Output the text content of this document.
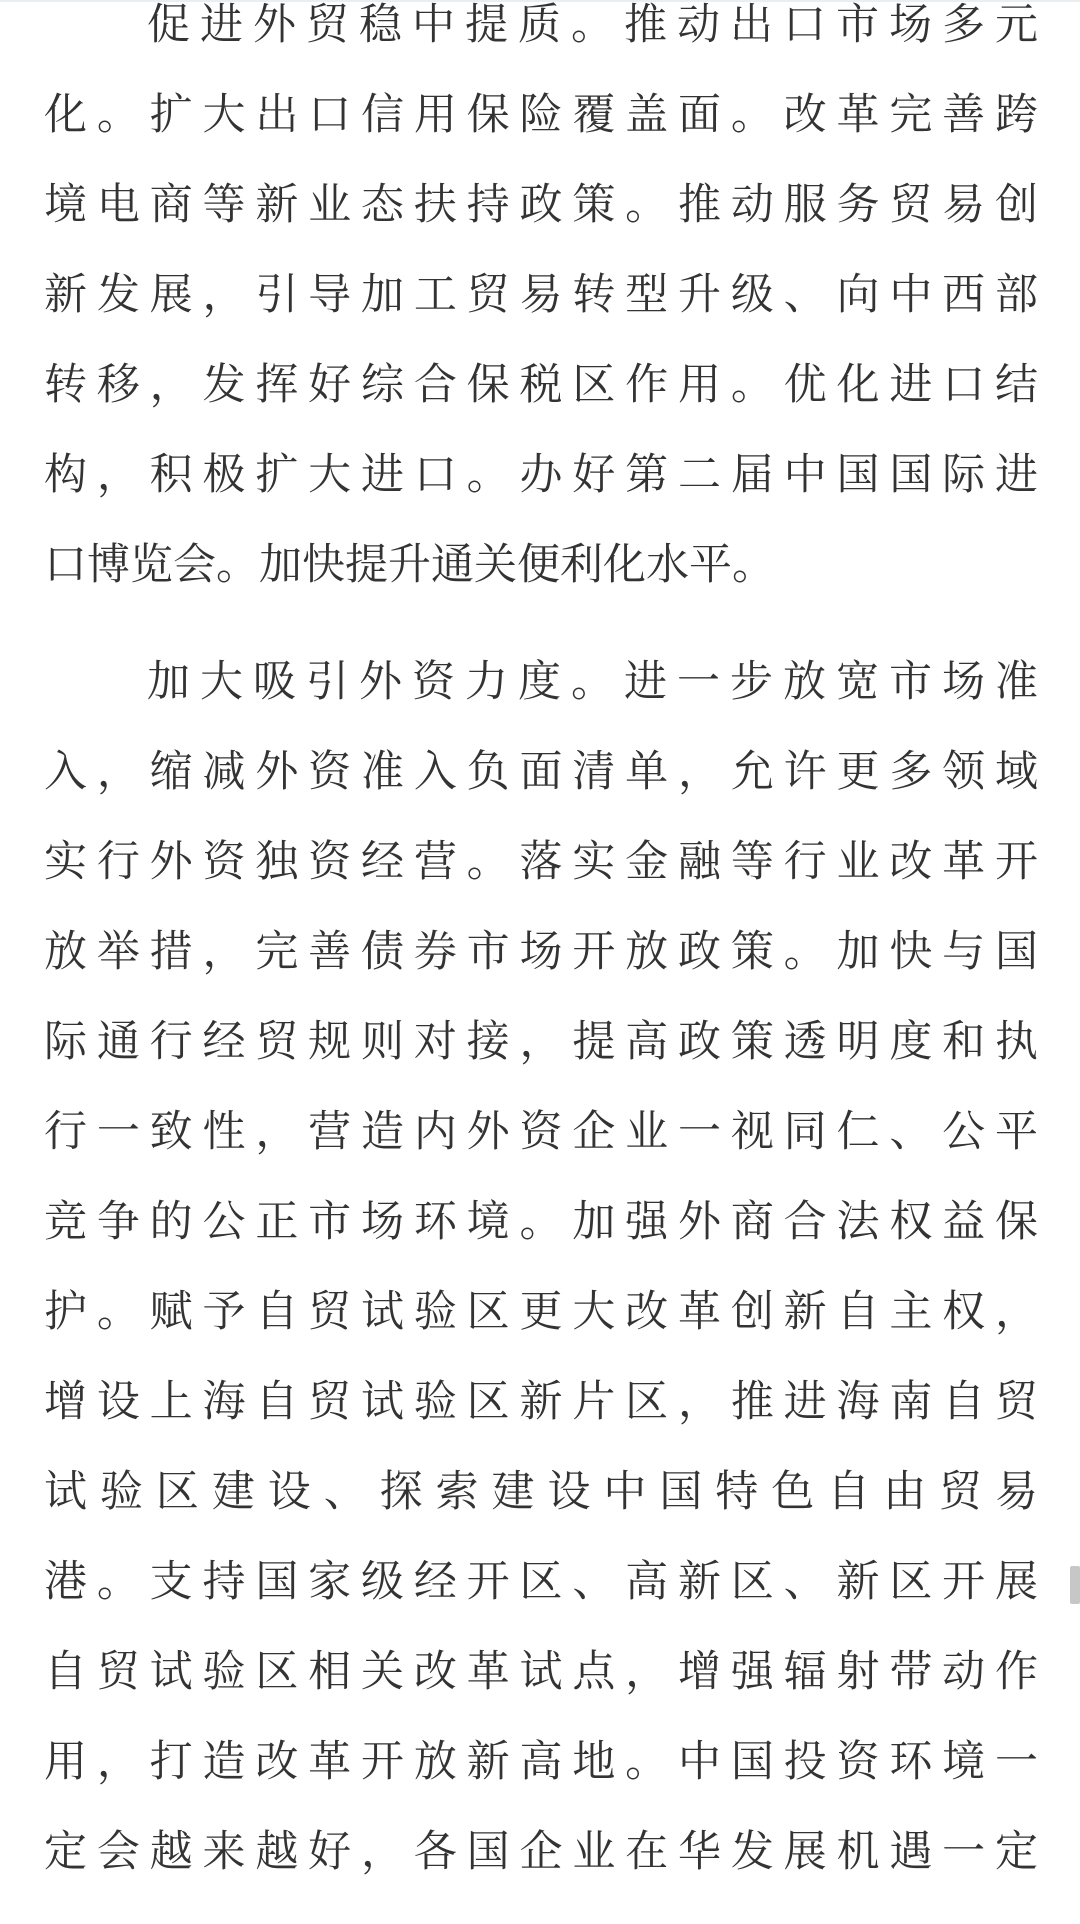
促进外贸稳中提质。推动出口市场多元
化。扩大出口信用保险覆盖面。改革完善跨
境电商等新业态扶持政策。推动服务贸易创
新发展，引导加工贸易转型升级、向中西部
转移，发挥好综合保税区作用。优化进口结
构，积极扩大进口。办好第二届中国国际进
口博览会。加快提升通关便利化水平。

加大吸引外资力度。进一步放宽市场准
入，缩减外资准入负面清单，允许更多领域
实行外资独资经营。落实金融等行业改革开
放举措，完善债券市场开放政策。加快与国
际通行经贸规则对接，提高政策透明度和执
行一致性，营造内外资企业一视同仁、公平
竞争的公正市场环境。加强外商合法权益保
护。赋予自贸试验区更大改革创新自主权，
增设上海自贸试验区新片区，推进海南自贸
试验区建设、探索建设中国特色自由贸易
港。支持国家级经开区、高新区、新区开展
自贸试验区相关改革试点，增强辐射带动作
用，打造改革开放新高地。中国投资环境一
定会越来越好，各国企业在华发展机遇一定
